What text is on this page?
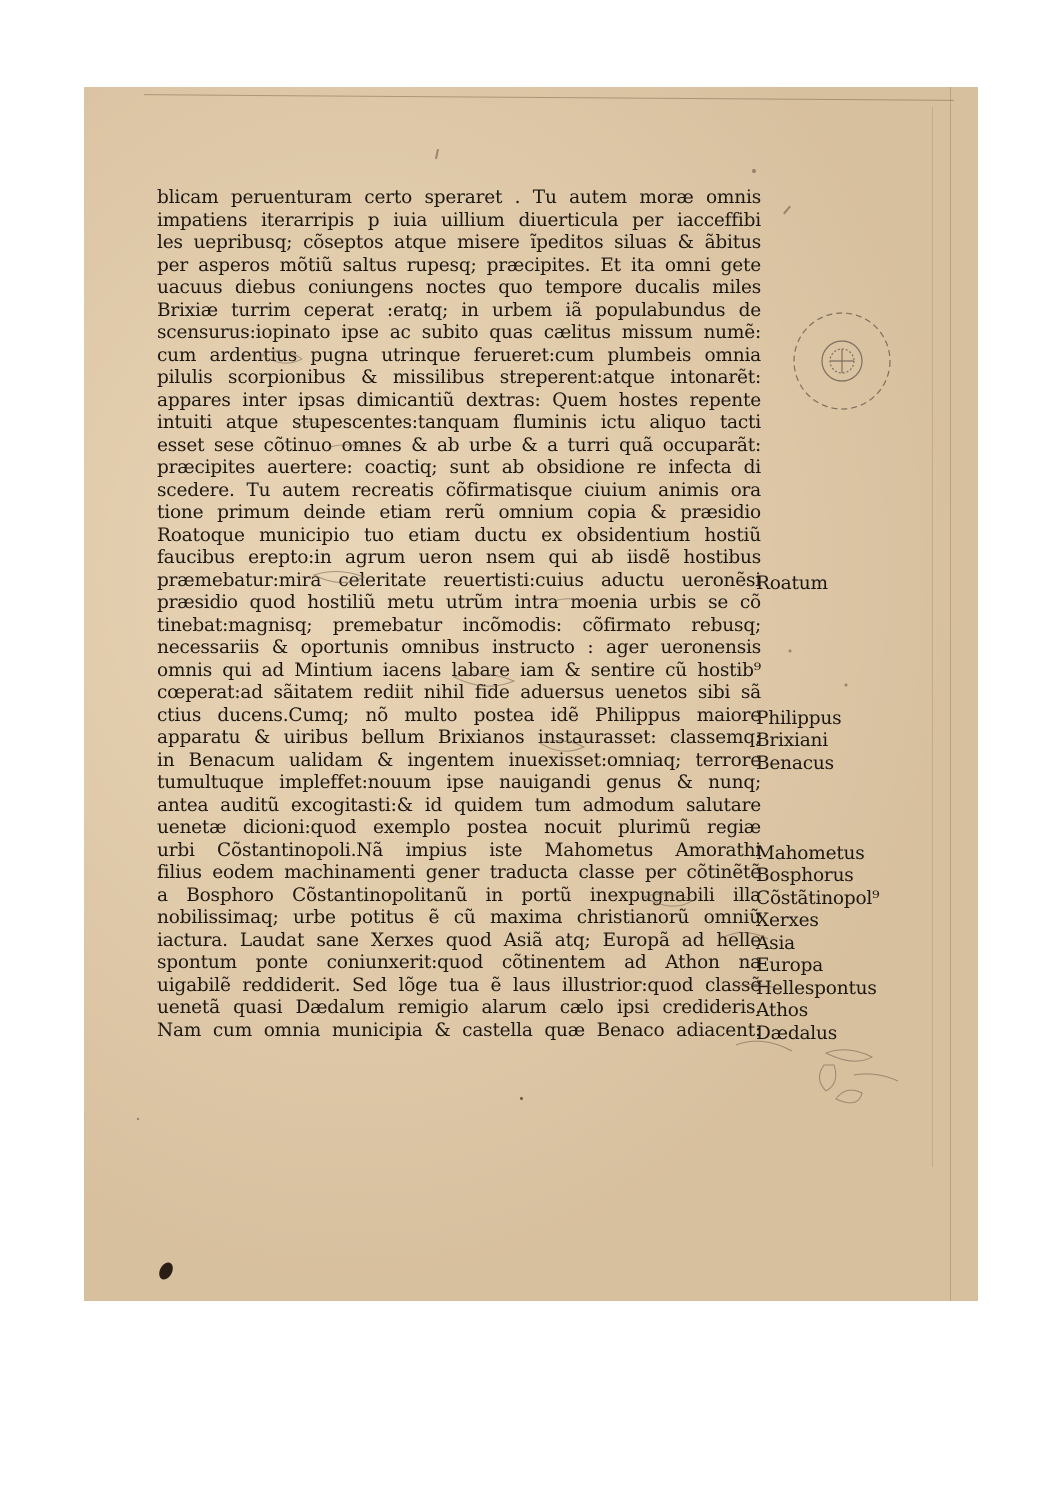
blicam peruenturam certo speraret . Tu autem moræ omnis
impatiens iterarripis p iuia uillium diuerticula per iacceffibi
les uepribusq; cõseptos atque misere ĩpeditos siluas & ãbitus
per asperos mõtiũ saltus rupesq; præcipites. Et ita omni gete
uacuus diebus coniungens noctes quo tempore ducalis miles
Brixiæ turrim ceperat :eratq; in urbem iã populabundus de
scensurus:iopinato ipse ac subito quas cælitus missum numẽ:
cum ardentius pugna utrinque ferueret:cum plumbeis omnia
pilulis scorpionibus & missilibus streperent:atque intonarẽt:
appares inter ipsas dimicantiũ dextras: Quem hostes repente
intuiti atque stupescentes:tanquam fluminis ictu aliquo tacti
esset sese cõtinuo omnes & ab urbe & a turri quã occuparãt:
præcipites auertere: coactiq; sunt ab obsidione re infecta di
scedere. Tu autem recreatis cõfirmatisque ciuium animis ora
tione primum deinde etiam rerũ omnium copia & præsidio
Roatoque municipio tuo etiam ductu ex obsidentium hostiũ
faucibus erepto:in agrum ueron nsem qui ab iisdẽ hostibus
præmebatur:mira celeritate reuertisti:cuius aductu ueronẽsi
præsidio quod hostiliũ metu utrũm intra moenia urbis se cõ
tinebat:magnisq; premebatur incõmodis: cõfirmato rebusq;
necessariis & oportunis omnibus instructo : ager ueronensis
omnis qui ad Mintium iacens labare iam & sentire cũ hostib⁹
cœperat:ad sãitatem rediit nihil fide aduersus uenetos sibi sã
ctius ducens.Cumq; nõ multo postea idẽ Philippus maiore
apparatu & uiribus bellum Brixianos instaurasset: classemq;
in Benacum ualidam & ingentem inuexisset:omniaq; terrore
tumultuque impleffet:nouum ipse nauigandi genus & nunq;
antea auditũ excogitasti:& id quidem tum admodum salutare
uenetæ dicioni:quod exemplo postea nocuit plurimũ regiæ
urbi Cõstantinopoli.Nã impius iste Mahometus Amorathi
filius eodem machinamenti gener traducta classe per cõtinẽtẽ
a Bosphoro Cõstantinopolitanũ in portũ inexpugnabili illa
nobilissimaq; urbe potitus ẽ cũ maxima christianorũ omniũ
iactura. Laudat sane Xerxes quod Asiã atq; Europã ad helle
spontum ponte coniunxerit:quod cõtinentem ad Athon na
uigabilẽ reddiderit. Sed lõge tua ẽ laus illustrior:quod classẽ
uenetã quasi Dædalum remigio alarum cælo ipsi credideris.
Nam cum omnia municipia & castella quæ Benaco adiacent:
Roatum
Philippus
Brixiani
Benacus
Mahometus
Bosphorus
Cõstãtinopol⁹
Xerxes
Asia
Europa
Hellespontus
Athos
Dædalus
